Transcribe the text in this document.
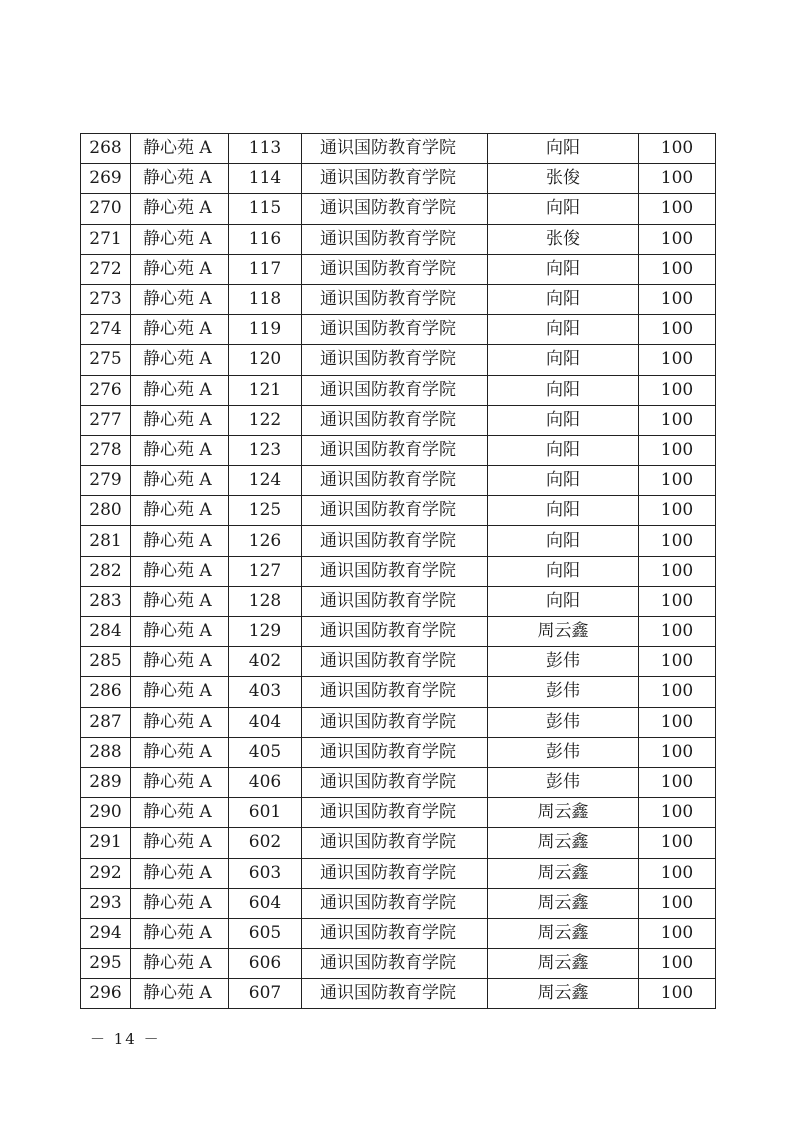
268	静心苑 A	113	通识国防教育学院	向阳	100
269	静心苑 A	114	通识国防教育学院	张俊	100
270	静心苑 A	115	通识国防教育学院	向阳	100
271	静心苑 A	116	通识国防教育学院	张俊	100
272	静心苑 A	117	通识国防教育学院	向阳	100
273	静心苑 A	118	通识国防教育学院	向阳	100
274	静心苑 A	119	通识国防教育学院	向阳	100
275	静心苑 A	120	通识国防教育学院	向阳	100
276	静心苑 A	121	通识国防教育学院	向阳	100
277	静心苑 A	122	通识国防教育学院	向阳	100
278	静心苑 A	123	通识国防教育学院	向阳	100
279	静心苑 A	124	通识国防教育学院	向阳	100
280	静心苑 A	125	通识国防教育学院	向阳	100
281	静心苑 A	126	通识国防教育学院	向阳	100
282	静心苑 A	127	通识国防教育学院	向阳	100
283	静心苑 A	128	通识国防教育学院	向阳	100
284	静心苑 A	129	通识国防教育学院	周云鑫	100
285	静心苑 A	402	通识国防教育学院	彭伟	100
286	静心苑 A	403	通识国防教育学院	彭伟	100
287	静心苑 A	404	通识国防教育学院	彭伟	100
288	静心苑 A	405	通识国防教育学院	彭伟	100
289	静心苑 A	406	通识国防教育学院	彭伟	100
290	静心苑 A	601	通识国防教育学院	周云鑫	100
291	静心苑 A	602	通识国防教育学院	周云鑫	100
292	静心苑 A	603	通识国防教育学院	周云鑫	100
293	静心苑 A	604	通识国防教育学院	周云鑫	100
294	静心苑 A	605	通识国防教育学院	周云鑫	100
295	静心苑 A	606	通识国防教育学院	周云鑫	100
296	静心苑 A	607	通识国防教育学院	周云鑫	100
－ 14 －
